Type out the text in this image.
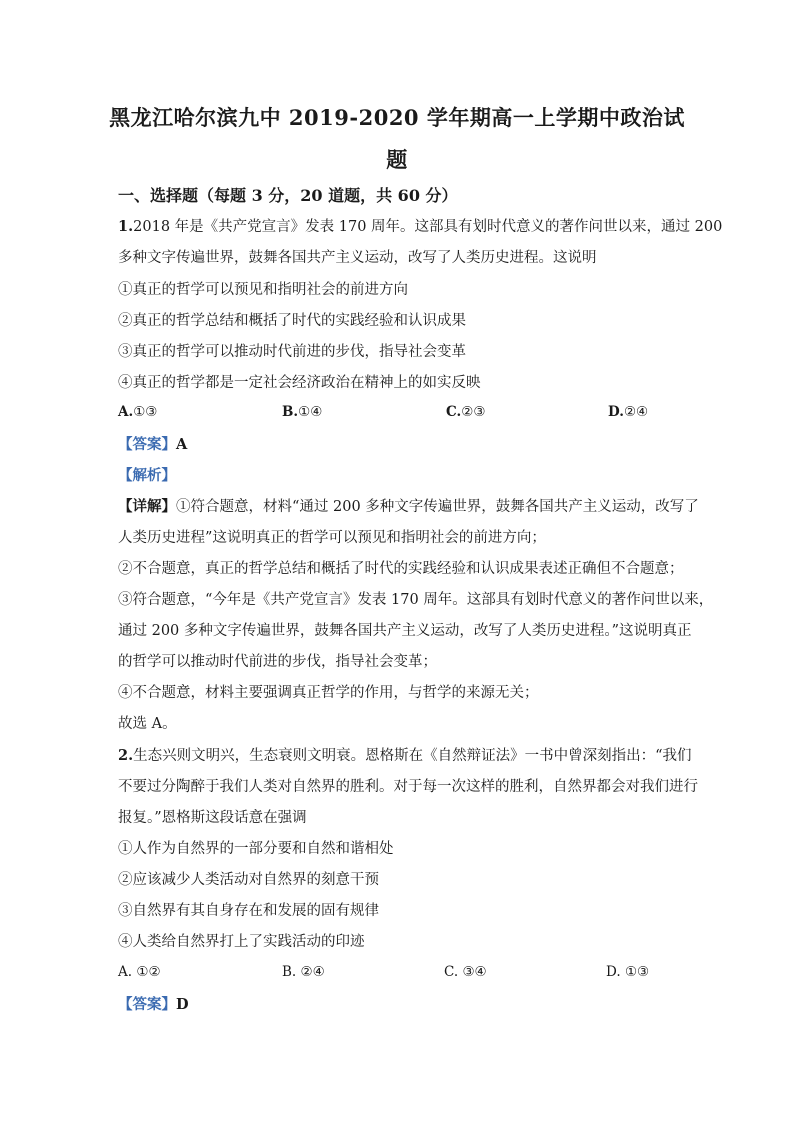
黑龙江哈尔滨九中 2019-2020 学年期高一上学期中政治试
题
一、选择题（每题 3 分，20 道题，共 60 分）
1.2018 年是《共产党宣言》发表 170 周年。这部具有划时代意义的著作问世以来，通过 200
多种文字传遍世界，鼓舞各国共产主义运动，改写了人类历史进程。这说明
①真正的哲学可以预见和指明社会的前进方向
②真正的哲学总结和概括了时代的实践经验和认识成果
③真正的哲学可以推动时代前进的步伐，指导社会变革
④真正的哲学都是一定社会经济政治在精神上的如实反映
A.①③	B.①④	C.②③	D.②④
【答案】A
【解析】
【详解】①符合题意，材料“通过 200 多种文字传遍世界，鼓舞各国共产主义运动，改写了
人类历史进程”这说明真正的哲学可以预见和指明社会的前进方向；
②不合题意，真正的哲学总结和概括了时代的实践经验和认识成果表述正确但不合题意；
③符合题意，“今年是《共产党宣言》发表 170 周年。这部具有划时代意义的著作问世以来，
通过 200 多种文字传遍世界，鼓舞各国共产主义运动，改写了人类历史进程。”这说明真正
的哲学可以推动时代前进的步伐，指导社会变革；
④不合题意，材料主要强调真正哲学的作用，与哲学的来源无关；
故选 A。
2.生态兴则文明兴，生态衰则文明衰。恩格斯在《自然辩证法》一书中曾深刻指出：“我们
不要过分陶醉于我们人类对自然界的胜利。对于每一次这样的胜利，自然界都会对我们进行
报复。”恩格斯这段话意在强调
①人作为自然界的一部分要和自然和谐相处
②应该减少人类活动对自然界的刻意干预
③自然界有其自身存在和发展的固有规律
④人类给自然界打上了实践活动的印迹
A. ①②	B. ②④	C. ③④	D. ①③
【答案】D
